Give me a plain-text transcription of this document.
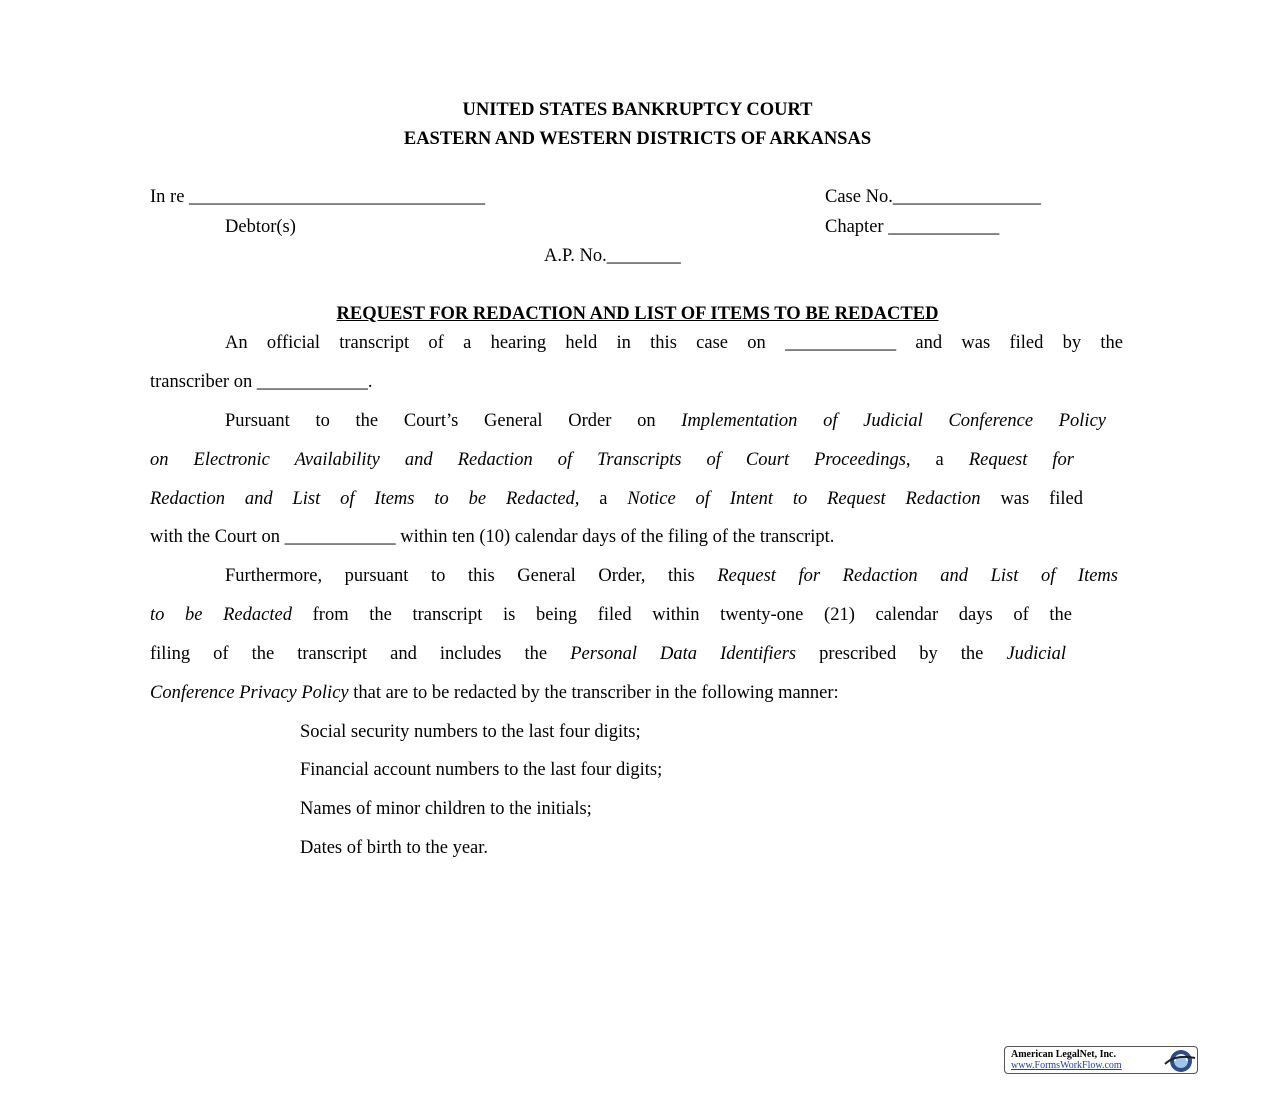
UNITED STATES BANKRUPTCY COURT
EASTERN AND WESTERN DISTRICTS OF ARKANSAS
In re ________________________________	Case No.________________
Debtor(s)	Chapter ____________
A.P. No.________
REQUEST FOR REDACTION AND LIST OF ITEMS TO BE REDACTED
An official transcript of a hearing held in this case on ____________ and was filed by the
transcriber on ____________.
Pursuant to the Court’s General Order on Implementation of Judicial Conference Policy
on Electronic Availability and Redaction of Transcripts of Court Proceedings, a Request for
Redaction and List of Items to be Redacted, a Notice of Intent to Request Redaction was filed
with the Court on ____________ within ten (10) calendar days of the filing of the transcript.
Furthermore, pursuant to this General Order, this Request for Redaction and List of Items
to be Redacted from the transcript is being filed within twenty-one (21) calendar days of the
filing of the transcript and includes the Personal Data Identifiers prescribed by the Judicial
Conference Privacy Policy that are to be redacted by the transcriber in the following manner:
Social security numbers to the last four digits;
Financial account numbers to the last four digits;
Names of minor children to the initials;
Dates of birth to the year.
American LegalNet, Inc.
www.FormsWorkFlow.com
